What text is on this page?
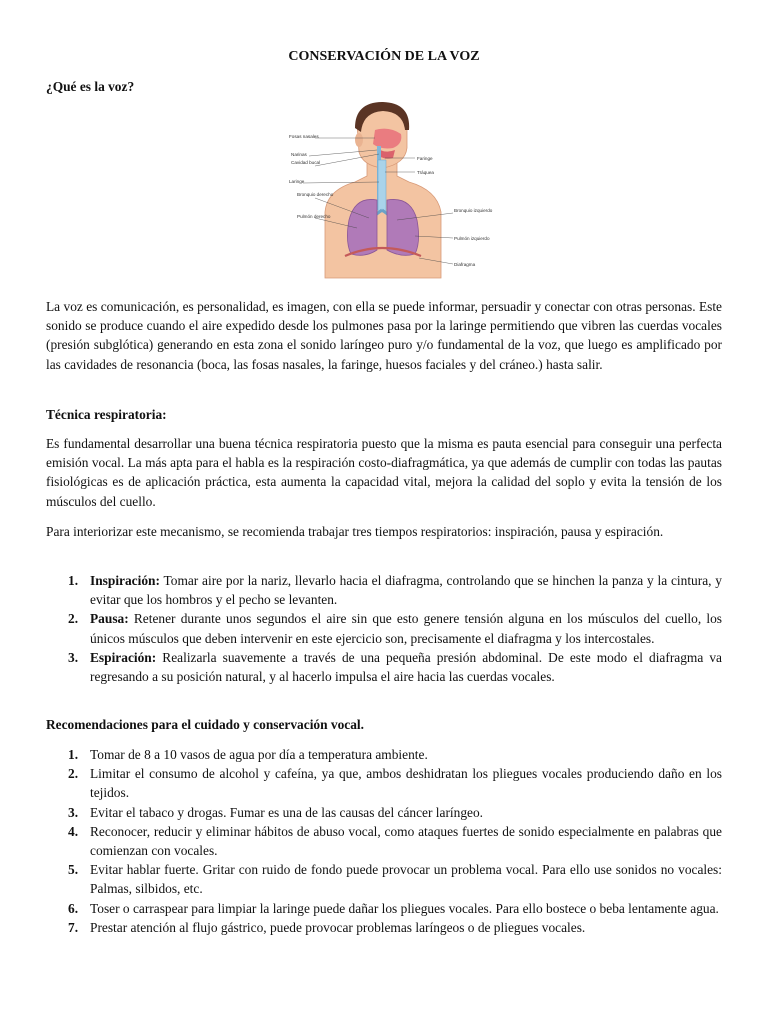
CONSERVACIÓN DE LA VOZ
¿Qué es la voz?
Fosas nasales
Narinas
Cavidad bucal
Laringe
Bronquio derecho
Pulmón derecho
Faringe
Tráquea
Bronquio izquierdo
Pulmón izquierdo
Diafragma
La voz es comunicación, es personalidad, es imagen, con ella se puede informar, persuadir y conectar con otras personas. Este sonido se produce cuando el aire expedido desde los pulmones pasa por la laringe permitiendo que vibren las cuerdas vocales (presión subglótica) generando en esta zona el sonido laríngeo puro y/o fundamental de la voz, que luego es amplificado por las cavidades de resonancia (boca, las fosas nasales, la faringe, huesos faciales y del cráneo.) hasta salir.
Técnica respiratoria:
Es fundamental desarrollar una buena técnica respiratoria puesto que la misma es pauta esencial para conseguir una perfecta emisión vocal. La más apta para el habla es la respiración costo-diafragmática, ya que además de cumplir con todas las pautas fisiológicas es de aplicación práctica, esta aumenta la capacidad vital, mejora la calidad del soplo y evita la tensión de los músculos del cuello.
Para interiorizar este mecanismo, se recomienda trabajar tres tiempos respiratorios: inspiración, pausa y espiración.
1. Inspiración: Tomar aire por la nariz, llevarlo hacia el diafragma, controlando que se hinchen la panza y la cintura, y evitar que los hombros y el pecho se levanten.
2. Pausa: Retener durante unos segundos el aire sin que esto genere tensión alguna en los músculos del cuello, los únicos músculos que deben intervenir en este ejercicio son, precisamente el diafragma y los intercostales.
3. Espiración: Realizarla suavemente a través de una pequeña presión abdominal. De este modo el diafragma va regresando a su posición natural, y al hacerlo impulsa el aire hacia las cuerdas vocales.
Recomendaciones para el cuidado y conservación vocal.
1. Tomar de 8 a 10 vasos de agua por día a temperatura ambiente.
2. Limitar el consumo de alcohol y cafeína, ya que, ambos deshidratan los pliegues vocales produciendo daño en los tejidos.
3. Evitar el tabaco y drogas. Fumar es una de las causas del cáncer laríngeo.
4. Reconocer, reducir y eliminar hábitos de abuso vocal, como ataques fuertes de sonido especialmente en palabras que comienzan con vocales.
5. Evitar hablar fuerte. Gritar con ruido de fondo puede provocar un problema vocal. Para ello use sonidos no vocales: Palmas, silbidos, etc.
6. Toser o carraspear para limpiar la laringe puede dañar los pliegues vocales. Para ello bostece o beba lentamente agua.
7. Prestar atención al flujo gástrico, puede provocar problemas laríngeos o de pliegues vocales.
